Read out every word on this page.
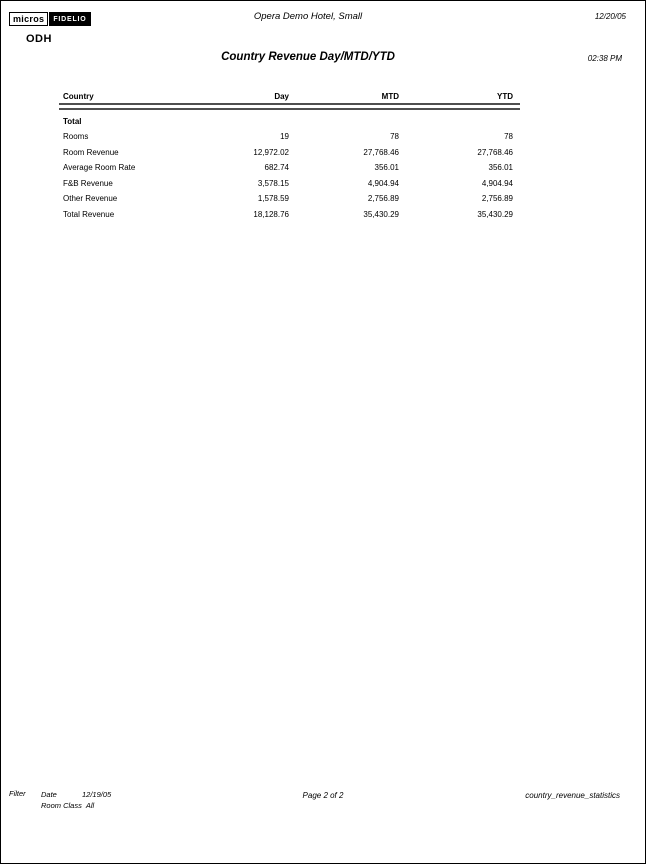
micros	FIDELIO	Opera Demo Hotel, Small	12/20/05
ODH
Country Revenue Day/MTD/YTD	02:38 PM
Country	Day	MTD	YTD
Total
Rooms	19	78	78
Room Revenue	12,972.02	27,768.46	27,768.46
Average Room Rate	682.74	356.01	356.01
F&B Revenue	3,578.15	4,904.94	4,904.94
Other Revenue	1,578.59	2,756.89	2,756.89
Total Revenue	18,128.76	35,430.29	35,430.29
Filter	Date	12/19/05
Room Class All
Page 2 of 2	country_revenue_statistics
